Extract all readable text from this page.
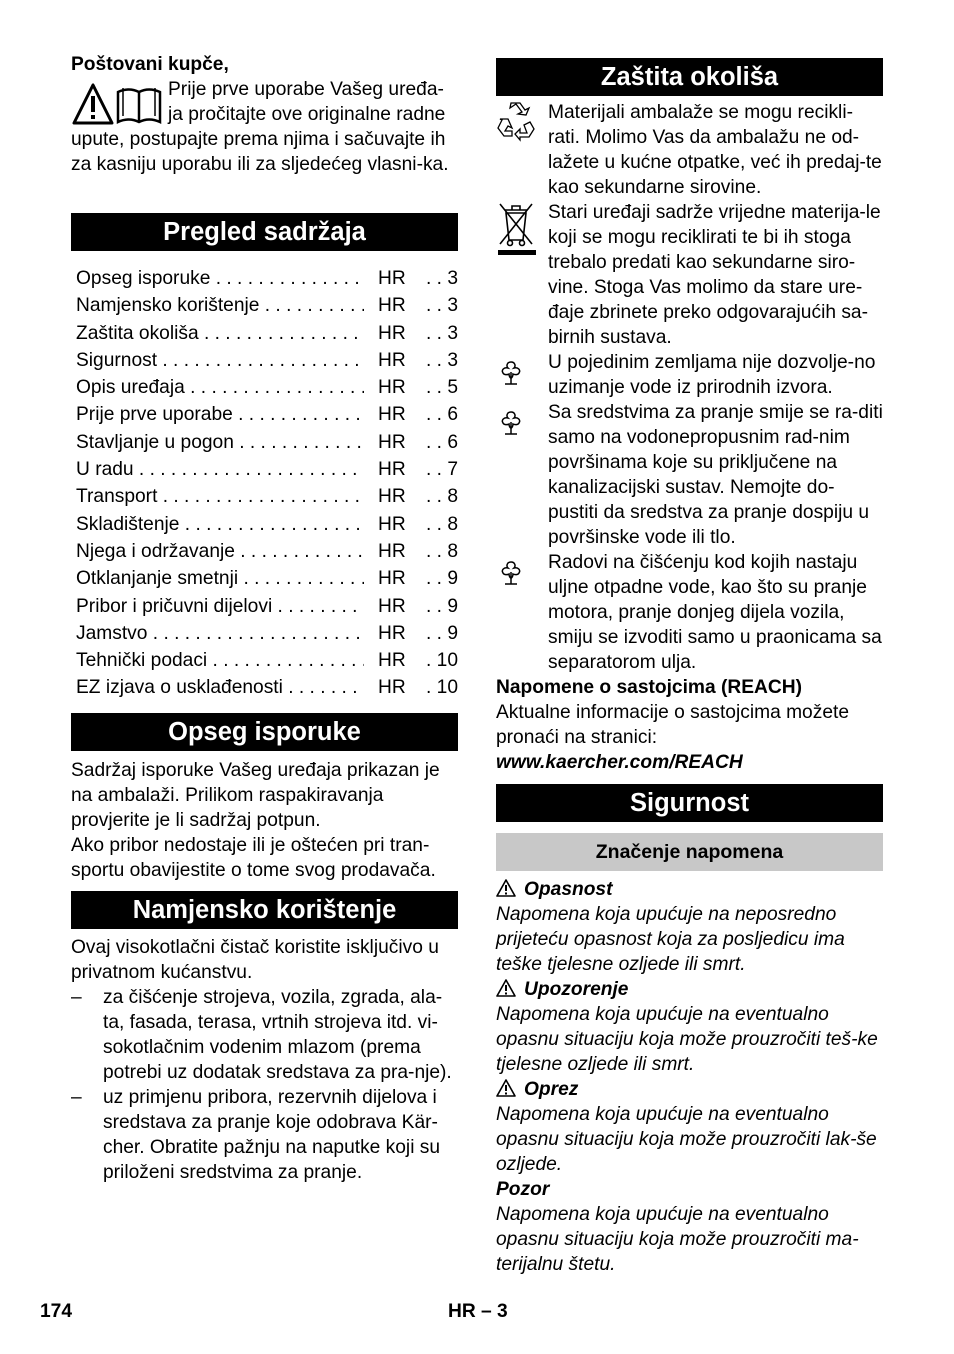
Poštovani kupče,

Prije prve uporabe Vašeg uređa-

ja pročitajte ove originalne radne

upute, postupajte prema njima i sačuvajte ih za kasniju uporabu ili za sljedećeg vlasni-ka.

Pregled sadržaja
Opseg isporuke . . .	HR	. . 3
Namjensko korištenje . . .	HR	. . 3
Zaštita okoliša . . .	HR	. . 3
Sigurnost . . .	HR	. . 3
Opis uređaja . . .	HR	. . 5
Prije prve uporabe . . .	HR	. . 6
Stavljanje u pogon . . .	HR	. . 6
U radu . . .	HR	. . 7
Transport . . .	HR	. . 8
Skladištenje . . .	HR	. . 8
Njega i održavanje . . .	HR	. . 8
Otklanjanje smetnji . . .	HR	. . 9
Pribor i pričuvni dijelovi . . .	HR	. . 9
Jamstvo . . .	HR	. . 9
Tehnički podaci . . .	HR	. 10
EZ izjava o usklađenosti . . .	HR	. 10
Opseg isporuke

Sadržaj isporuke Vašeg uređaja prikazan je na ambalaži. Prilikom raspakiravanja provjerite je li sadržaj potpun.

Ako pribor nedostaje ili je oštećen pri tran-sportu obavijestite o tome svog prodavača.

Namjensko korištenje

Ovaj visokotlačni čistač koristite isključivo u privatnom kućanstvu.

– za čišćenje strojeva, vozila, zgrada, ala-ta, fasada, terasa, vrtnih strojeva itd. vi-sokotlačnim vodenim mlazom (prema potrebi uz dodatak sredstava za pra-nje).
– uz primjenu pribora, rezervnih dijelova i sredstava za pranje koje odobrava Kär-cher. Obratite pažnju na naputke koji su priloženi sredstvima za pranje.
Zaštita okoliša

Materijali ambalaže se mogu recikli-rati. Molimo Vas da ambalažu ne od-lažete u kućne otpatke, već ih predaj-te kao sekundarne sirovine.

Stari uređaji sadrže vrijedne materija-le koji se mogu reciklirati te bi ih stoga trebalo predati kao sekundarne siro-vine. Stoga Vas molimo da stare ure-đaje zbrinete preko odgovarajućih sa-birnih sustava.

U pojedinim zemljama nije dozvolje-no uzimanje vode iz prirodnih izvora.

Sa sredstvima za pranje smije se ra-diti samo na vodonepropusnim rad-nim površinama koje su priključene na kanalizacijski sustav. Nemojte do-pustiti da sredstva za pranje dospiju u površinske vode ili tlo.

Radovi na čišćenju kod kojih nastaju uljne otpadne vode, kao što su pranje motora, pranje donjeg dijela vozila, smiju se izvoditi samo u praonicama sa separatorom ulja.

Napomene o sastojcima (REACH)

Aktualne informacije o sastojcima možete pronaći na stranici:

www.kaercher.com/REACH

Sigurnost
Značenje napomena

Opasnost

Napomena koja upućuje na neposredno prijeteću opasnost koja za posljedicu ima teške tjelesne ozljede ili smrt.

Upozorenje

Napomena koja upućuje na eventualno opasnu situaciju koja može prouzročiti teš-ke tjelesne ozljede ili smrt.

Oprez

Napomena koja upućuje na eventualno opasnu situaciju koja može prouzročiti lak-še ozljede.

Pozor

Napomena koja upućuje na eventualno opasnu situaciju koja može prouzročiti ma-terijalnu štetu.

174	HR – 3
